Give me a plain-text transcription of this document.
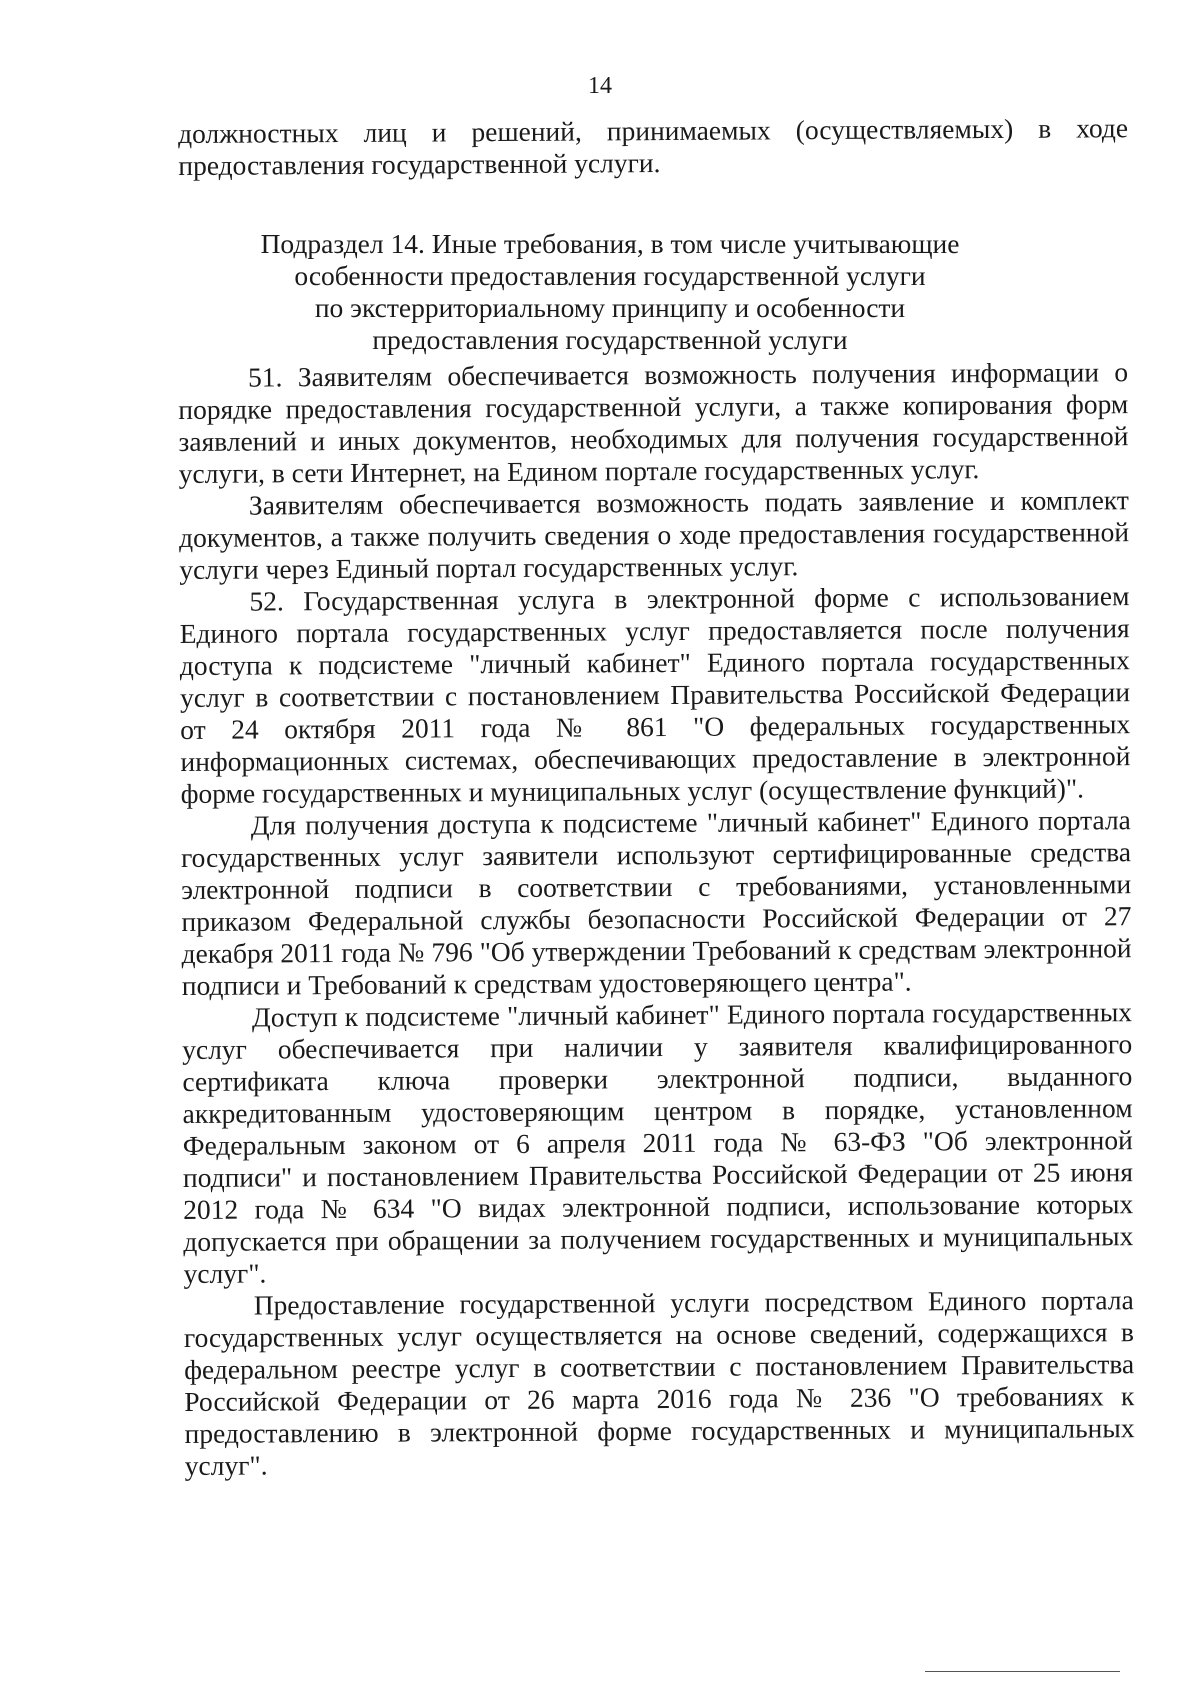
14

должностных лиц и решений, принимаемых (осуществляемых) в ходе предоставления государственной услуги.

Подраздел 14. Иные требования, в том числе учитывающие
особенности предоставления государственной услуги
по экстерриториальному принципу и особенности
предоставления государственной услуги

51. Заявителям обеспечивается возможность получения информации о порядке предоставления государственной услуги, а также копирования форм заявлений и иных документов, необходимых для получения государственной услуги, в сети Интернет, на Едином портале государственных услуг.

Заявителям обеспечивается возможность подать заявление и комплект документов, а также получить сведения о ходе предоставления государственной услуги через Единый портал государственных услуг.

52. Государственная услуга в электронной форме с использованием Единого портала государственных услуг предоставляется после получения доступа к подсистеме "личный кабинет" Единого портала государственных услуг в соответствии с постановлением Правительства Российской Федерации от 24 октября 2011 года № 861 "О федеральных государственных информационных системах, обеспечивающих предоставление в электронной форме государственных и муниципальных услуг (осуществление функций)".

Для получения доступа к подсистеме "личный кабинет" Единого портала государственных услуг заявители используют сертифицированные средства электронной подписи в соответствии с требованиями, установленными приказом Федеральной службы безопасности Российской Федерации от 27 декабря 2011 года № 796 "Об утверждении Требований к средствам электронной подписи и Требований к средствам удостоверяющего центра".

Доступ к подсистеме "личный кабинет" Единого портала государственных услуг обеспечивается при наличии у заявителя квалифицированного сертификата ключа проверки электронной подписи, выданного аккредитованным удостоверяющим центром в порядке, установленном Федеральным законом от 6 апреля 2011 года № 63-ФЗ "Об электронной подписи" и постановлением Правительства Российской Федерации от 25 июня 2012 года № 634 "О видах электронной подписи, использование которых допускается при обращении за получением государственных и муниципальных услуг".

Предоставление государственной услуги посредством Единого портала государственных услуг осуществляется на основе сведений, содержащихся в федеральном реестре услуг в соответствии с постановлением Правительства Российской Федерации от 26 марта 2016 года № 236 "О требованиях к предоставлению в электронной форме государственных и муниципальных услуг".
